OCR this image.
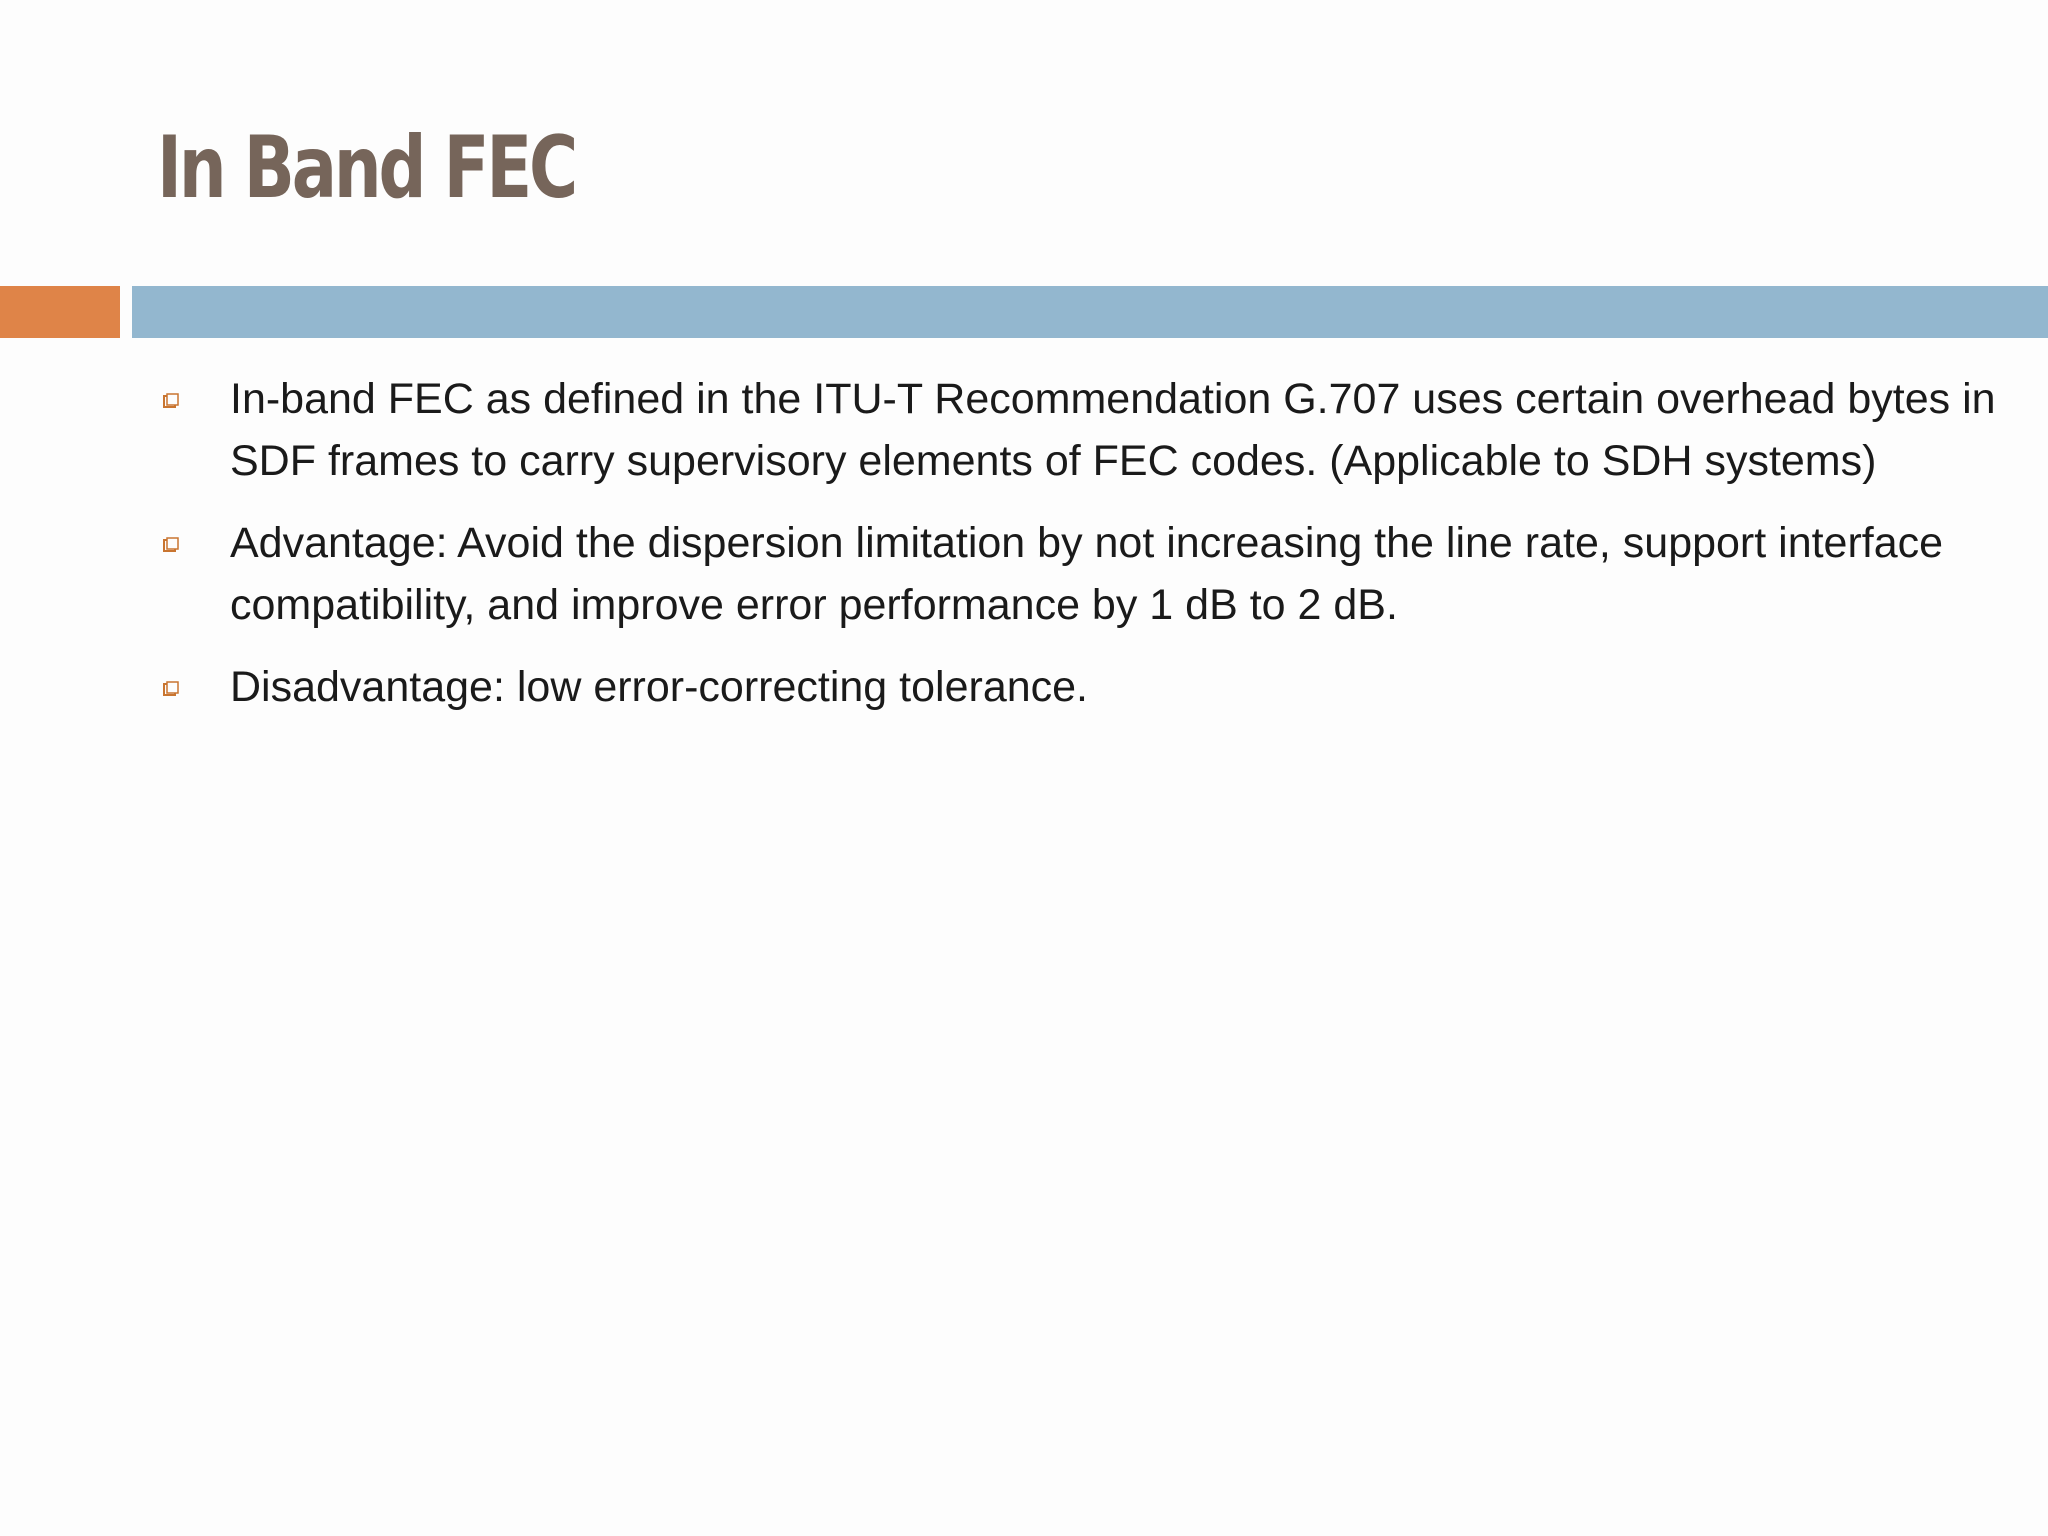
In Band FEC
In-band FEC as defined in the ITU-T Recommendation G.707 uses certain overhead bytes in SDF frames to carry supervisory elements of FEC codes. (Applicable to SDH systems)
Advantage: Avoid the dispersion limitation by not increasing the line rate, support interface compatibility, and improve error performance by 1 dB to 2 dB.
Disadvantage: low error-correcting tolerance.
